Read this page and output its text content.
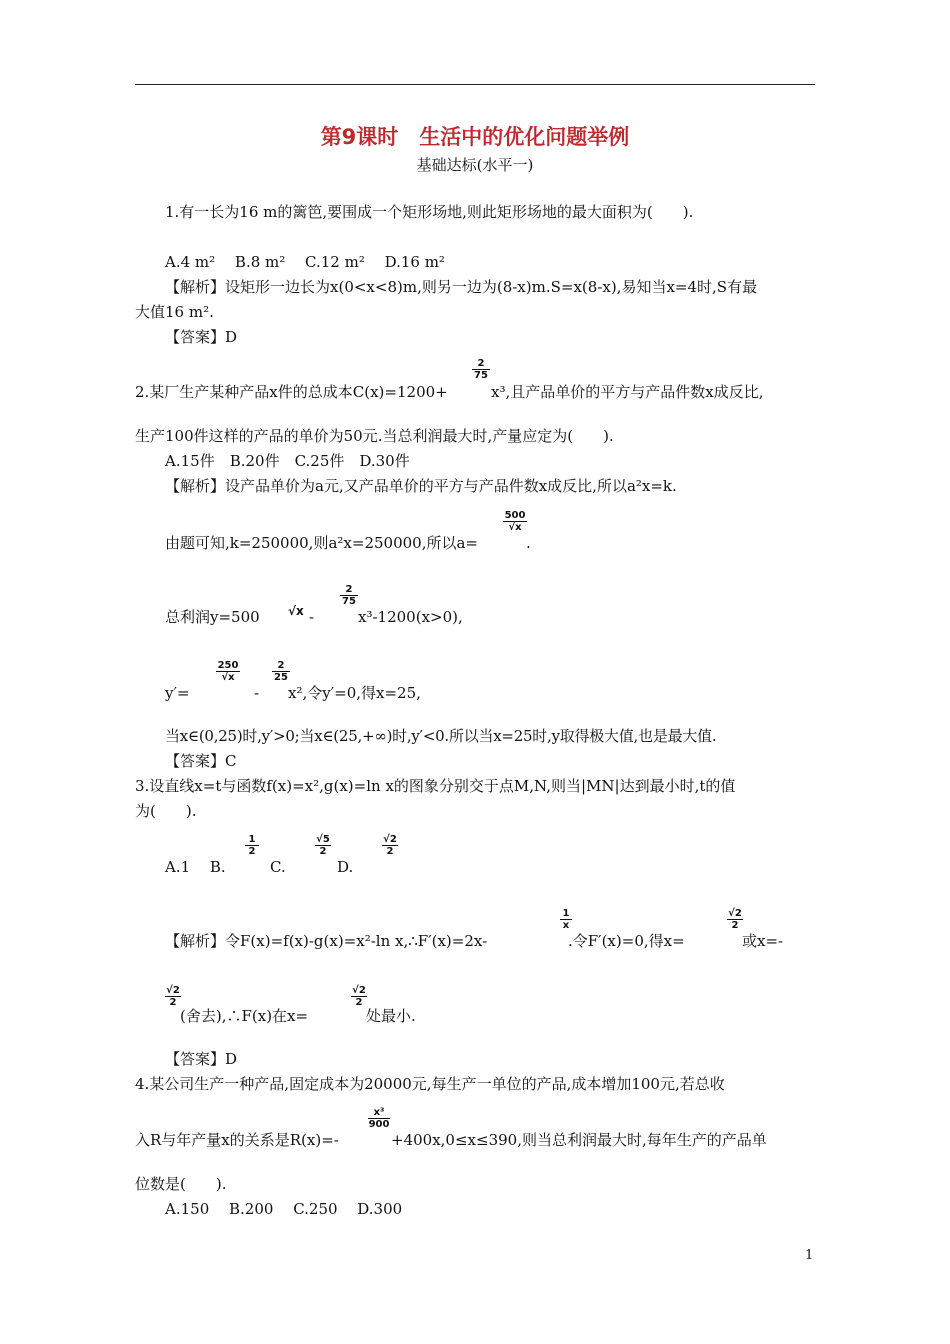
第9课时　生活中的优化问题举例
基础达标(水平一)
1.有一长为16 m的篱笆,要围成一个矩形场地,则此矩形场地的最大面积为(　　).
A.4 m² 　B.8 m² 　C.12 m² 　D.16 m²
【解析】设矩形一边长为x(0<x<8)m,则另一边为(8-x)m.S=x(8-x),易知当x=4时,S有最
大值16 m².
【答案】D
2.某厂生产某种产品x件的总成本C(x)=1200+
$\frac{2}{75}$
x³,且产品单价的平方与产品件数x成反比,
生产100件这样的产品的单价为50元.当总利润最大时,产量应定为(　　).
A.15件　B.20件　C.25件　D.30件
【解析】设产品单价为a元,又产品单价的平方与产品件数x成反比,所以a²x=k.
由题可知,k=250000,则a²x=250000,所以a=
$\frac{500}{√x}$
.
总利润y=500 √x -
$\frac{2}{75}$
x³-1200(x>0),
y′=
$\frac{250}{√x}$
-
$\frac{2}{25}$
x²,令y′=0,得x=25,
当x∈(0,25)时,y′>0;当x∈(25,+∞)时,y′<0.所以当x=25时,y取得极大值,也是最大值.
【答案】C
3.设直线x=t与函数f(x)=x²,g(x)=ln x的图象分别交于点M,N,则当|MN|达到最小时,t的值
为(　　).
A.1 　B.
$\frac{1}{2}$
C.
$\frac{√5}{2}$
D.
$\frac{√2}{2}$
【解析】令F(x)=f(x)-g(x)=x²-ln x,∴F′(x)=2x-
$\frac{1}{x}$
.令F′(x)=0,得x=
$\frac{√2}{2}$
或x=-
$\frac{√2}{2}$
(舍去),∴F(x)在x=
$\frac{√2}{2}$
处最小.
【答案】D
4.某公司生产一种产品,固定成本为20000元,每生产一单位的产品,成本增加100元,若总收
入R与年产量x的关系是R(x)=-
$\frac{\text{x³}}{900}$
+400x,0≤x≤390,则当总利润最大时,每年生产的产品单
位数是(　　).
A.150　 B.200　 C.250　 D.300
1
